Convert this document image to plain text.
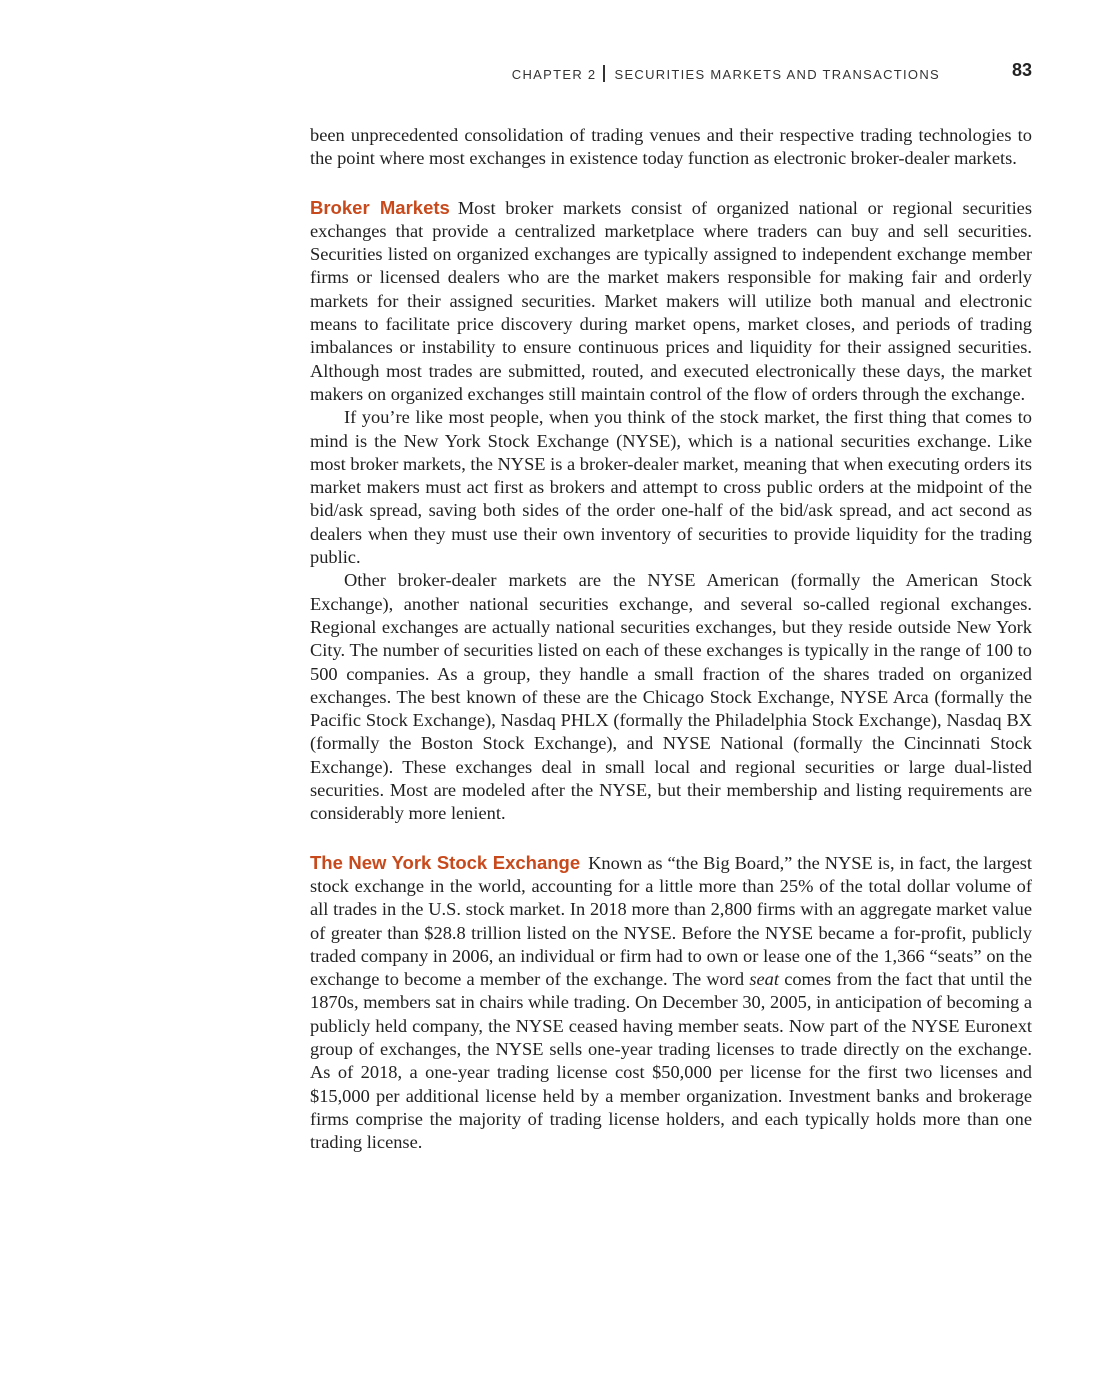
CHAPTER 2 SECURITIES MARKETS AND TRANSACTIONS	83

been unprecedented consolidation of trading venues and their respective trading technologies to the point where most exchanges in existence today function as electronic broker-dealer markets.

Broker Markets Most broker markets consist of organized national or regional securities exchanges that provide a centralized marketplace where traders can buy and sell securities. Securities listed on organized exchanges are typically assigned to independent exchange member firms or licensed dealers who are the market makers responsible for making fair and orderly markets for their assigned securities. Market makers will utilize both manual and electronic means to facilitate price discovery during market opens, market closes, and periods of trading imbalances or instability to ensure continuous prices and liquidity for their assigned securities. Although most trades are submitted, routed, and executed electronically these days, the market makers on organized exchanges still maintain control of the flow of orders through the exchange.

If you’re like most people, when you think of the stock market, the first thing that comes to mind is the New York Stock Exchange (NYSE), which is a national securities exchange. Like most broker markets, the NYSE is a broker-dealer market, meaning that when executing orders its market makers must act first as brokers and attempt to cross public orders at the midpoint of the bid/ask spread, saving both sides of the order one-half of the bid/ask spread, and act second as dealers when they must use their own inventory of securities to provide liquidity for the trading public.

Other broker-dealer markets are the NYSE American (formally the American Stock Exchange), another national securities exchange, and several so-called regional exchanges. Regional exchanges are actually national securities exchanges, but they reside outside New York City. The number of securities listed on each of these exchanges is typically in the range of 100 to 500 companies. As a group, they handle a small fraction of the shares traded on organized exchanges. The best known of these are the Chicago Stock Exchange, NYSE Arca (formally the Pacific Stock Exchange), Nasdaq PHLX (formally the Philadelphia Stock Exchange), Nasdaq BX (formally the Boston Stock Exchange), and NYSE National (formally the Cincinnati Stock Exchange). These exchanges deal in small local and regional securities or large dual-listed securities. Most are modeled after the NYSE, but their membership and listing requirements are considerably more lenient.

The New York Stock Exchange Known as “the Big Board,” the NYSE is, in fact, the largest stock exchange in the world, accounting for a little more than 25% of the total dollar volume of all trades in the U.S. stock market. In 2018 more than 2,800 firms with an aggregate market value of greater than $28.8 trillion listed on the NYSE. Before the NYSE became a for-profit, publicly traded company in 2006, an individual or firm had to own or lease one of the 1,366 “seats” on the exchange to become a member of the exchange. The word seat comes from the fact that until the 1870s, members sat in chairs while trading. On December 30, 2005, in anticipation of becoming a publicly held company, the NYSE ceased having member seats. Now part of the NYSE Euronext group of exchanges, the NYSE sells one-year trading licenses to trade directly on the exchange. As of 2018, a one-year trading license cost $50,000 per license for the first two licenses and $15,000 per additional license held by a member organization. Investment banks and brokerage firms comprise the majority of trading license holders, and each typically holds more than one trading license.
